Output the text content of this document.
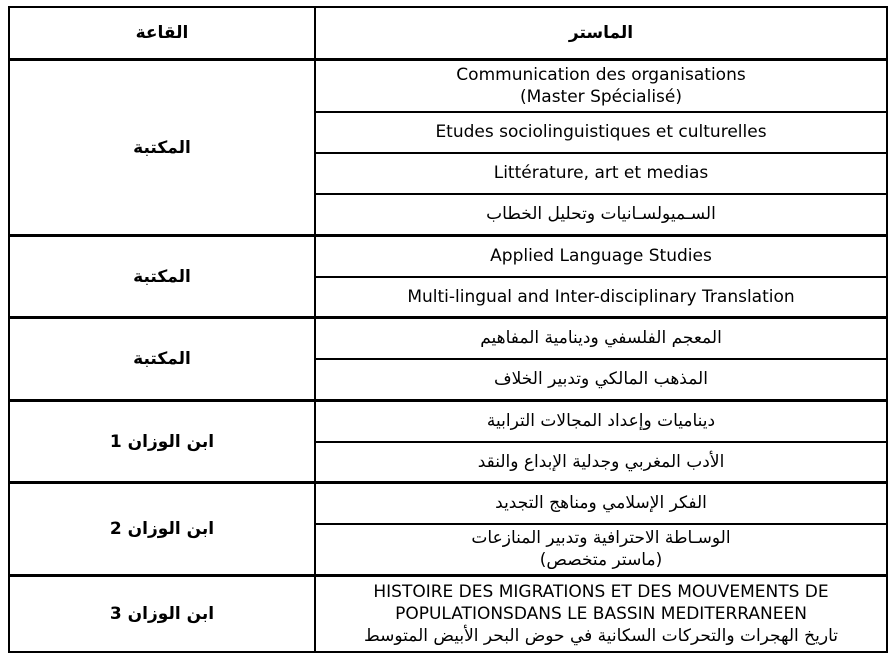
القاعة	الماستر
المكتبة	Communication des organisations
(Master Spécialisé)

	Etudes sociolinguistiques et culturelles

	Littérature, art et medias

	السـميولسـانيات وتحليل الخطاب

المكتبة	Applied Language Studies

	Multi-lingual and Inter-disciplinary Translation

المكتبة	المعجم الفلسفي ودينامية المفاهيم

	المذهب المالكي وتدبير الخلاف

ابن الوزان 1	ديناميات وإعداد المجالات الترابية

	الأدب المغربي وجدلية الإبداع والنقد

ابن الوزان 2	الفكر الإسلامي ومناهج التجديد

	الوسـاطة الاحترافية وتدبير المنازعات
(ماستر متخصص)

ابن الوزان 3	HISTOIRE DES MIGRATIONS ET DES MOUVEMENTS DE
POPULATIONSDANS LE BASSIN MEDITERRANEEN
تاريخ الهجرات والتحركات السكانية في حوض البحر الأبيض المتوسط
